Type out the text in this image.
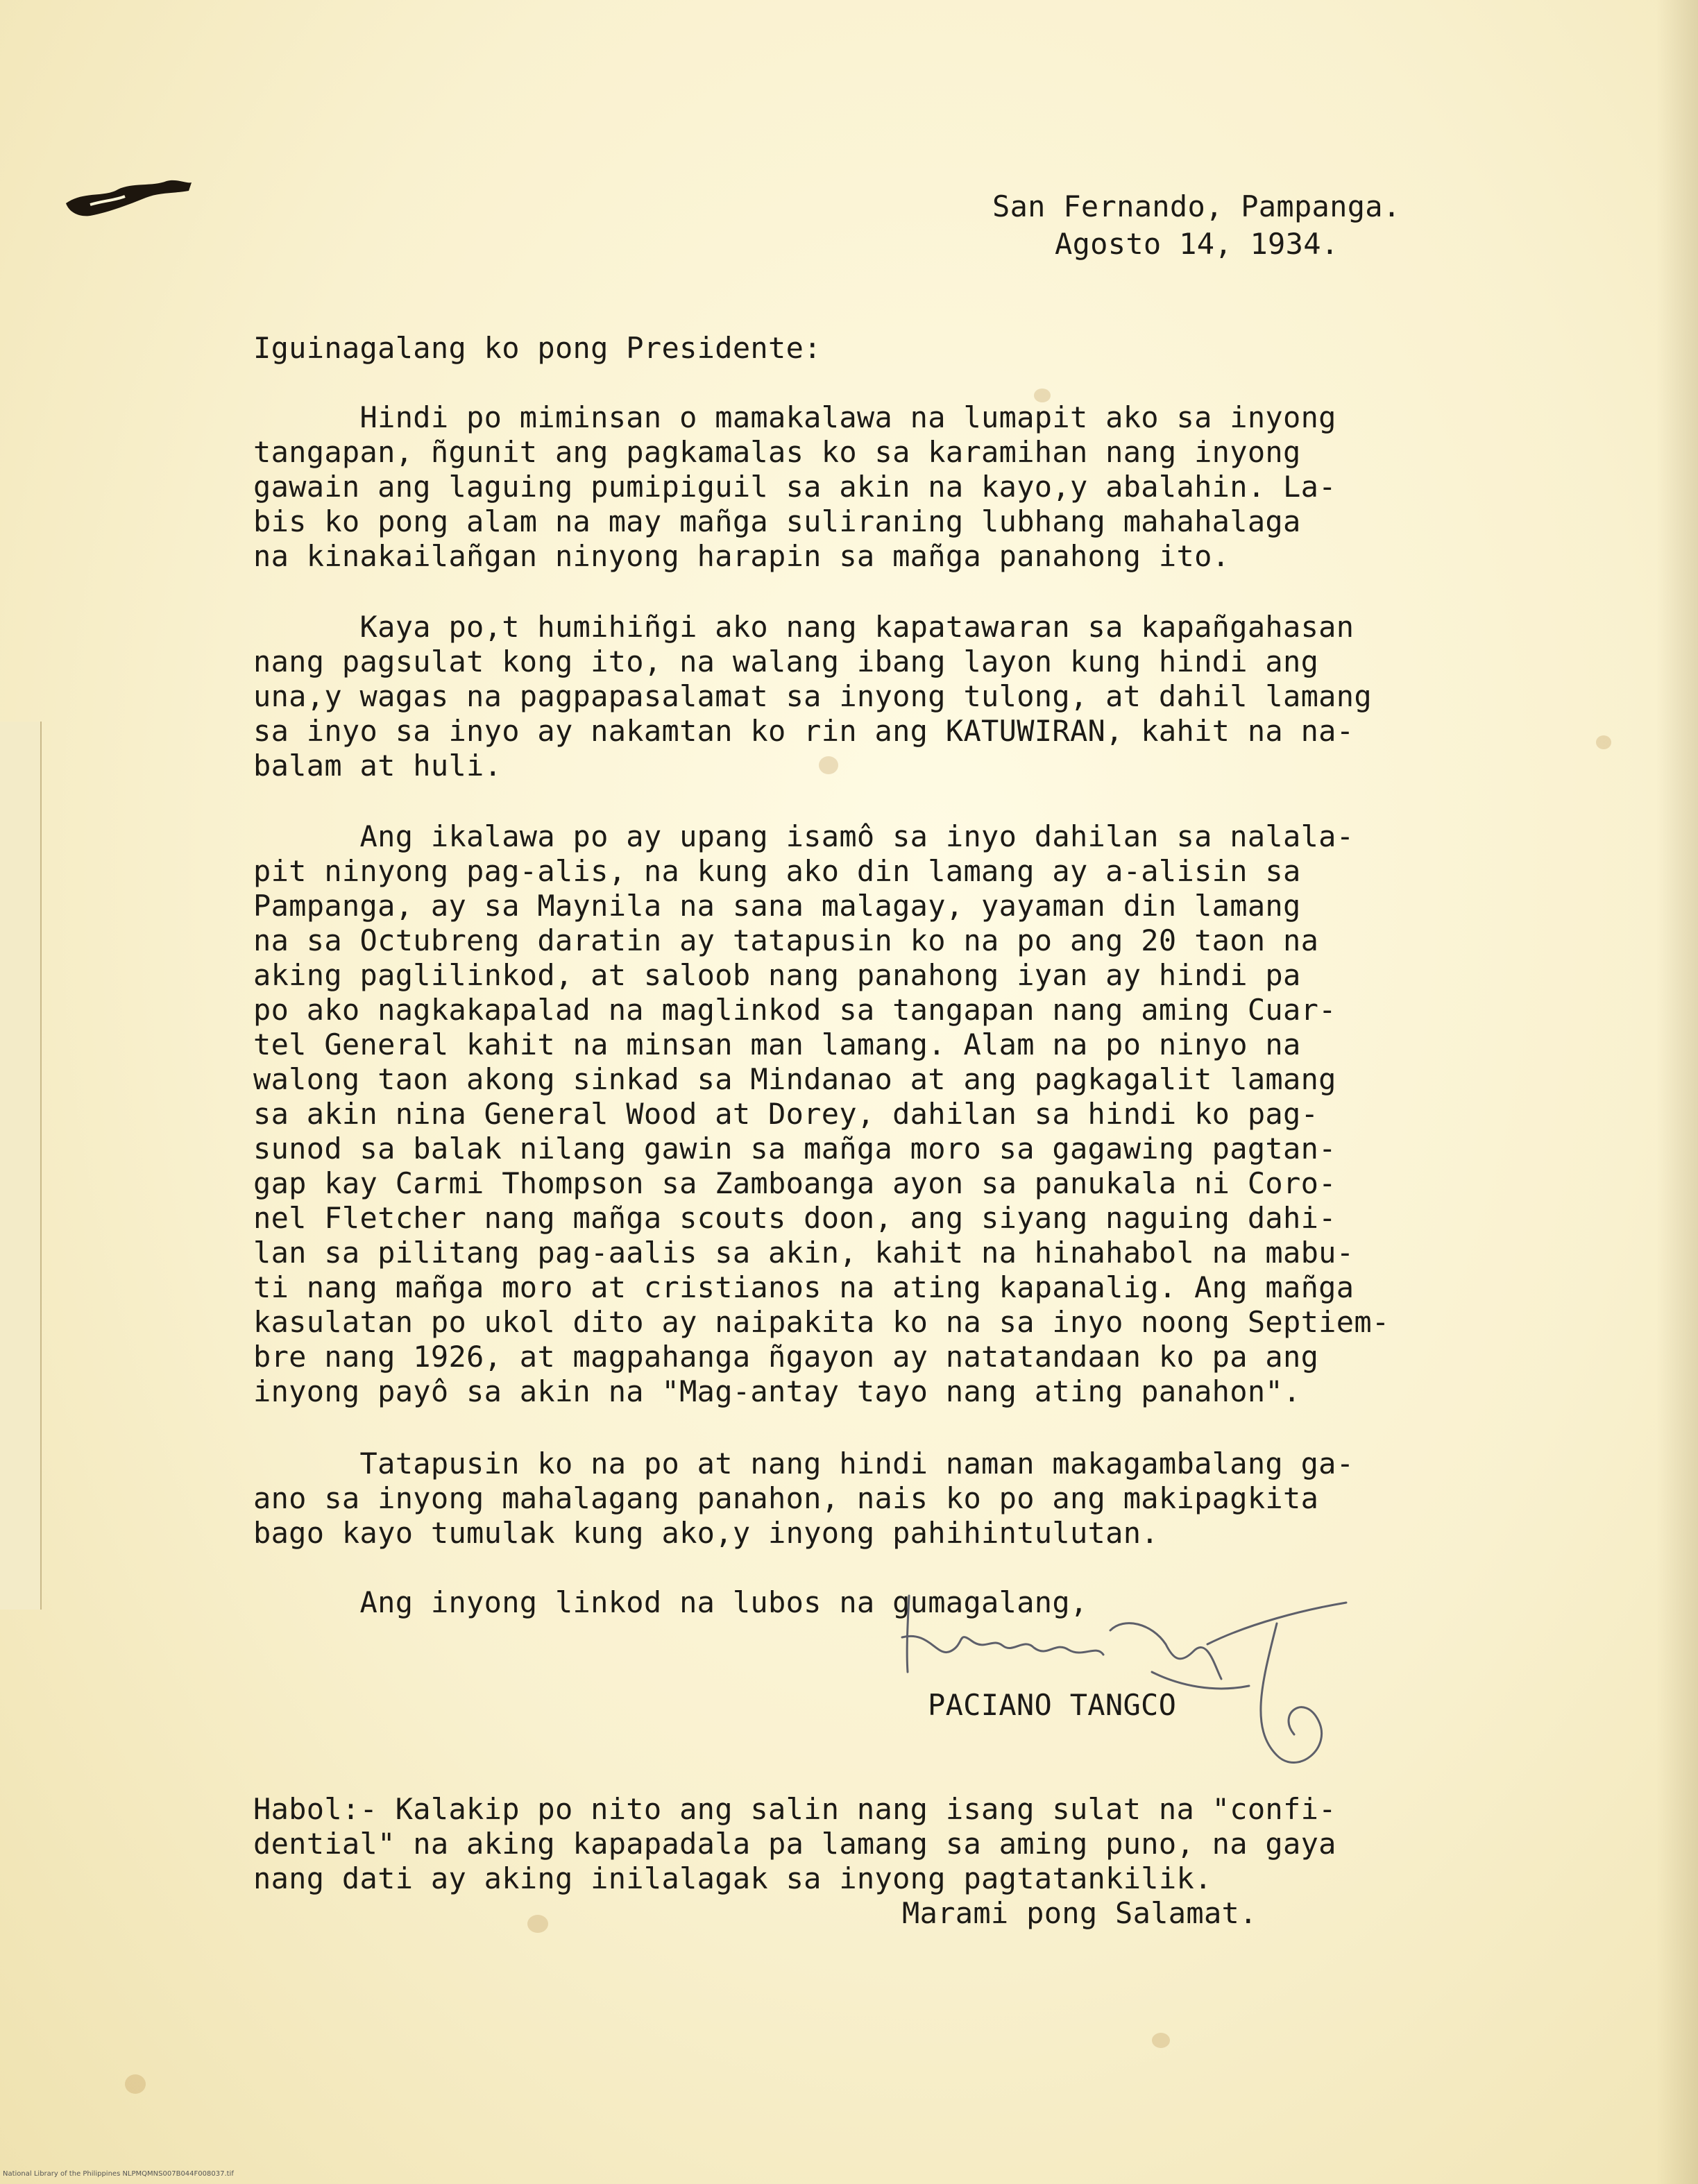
San Fernando, Pampanga.

Agosto 14, 1934.

Iguinagalang ko pong Presidente:

Hindi po miminsan o mamakalawa na lumapit ako sa inyong
tangapan, ñgunit ang pagkamalas ko sa karamihan nang inyong
gawain ang laguing pumipiguil sa akin na kayo,y abalahin. La-
bis ko pong alam na may mañga suliraning lubhang mahahalaga
na kinakailañgan ninyong harapin sa mañga panahong ito.

Kaya po,t humihiñgi ako nang kapatawaran sa kapañgahasan
nang pagsulat kong ito, na walang ibang layon kung hindi ang
una,y wagas na pagpapasalamat sa inyong tulong, at dahil lamang
sa inyo sa inyo ay nakamtan ko rin ang KATUWIRAN, kahit na na-
balam at huli.

Ang ikalawa po ay upang isamô sa inyo dahilan sa nalala-
pit ninyong pag-alis, na kung ako din lamang ay a-alisin sa
Pampanga, ay sa Maynila na sana malagay, yayaman din lamang
na sa Octubreng daratin ay tatapusin ko na po ang 20 taon na
aking paglilinkod, at saloob nang panahong iyan ay hindi pa
po ako nagkakapalad na maglinkod sa tangapan nang aming Cuar-
tel General kahit na minsan man lamang. Alam na po ninyo na
walong taon akong sinkad sa Mindanao at ang pagkagalit lamang
sa akin nina General Wood at Dorey, dahilan sa hindi ko pag-
sunod sa balak nilang gawin sa mañga moro sa gagawing pagtan-
gap kay Carmi Thompson sa Zamboanga ayon sa panukala ni Coro-
nel Fletcher nang mañga scouts doon, ang siyang naguing dahi-
lan sa pilitang pag-aalis sa akin, kahit na hinahabol na mabu-
ti nang mañga moro at cristianos na ating kapanalig. Ang mañga
kasulatan po ukol dito ay naipakita ko na sa inyo noong Septiem-
bre nang 1926, at magpahanga ñgayon ay natatandaan ko pa ang
inyong payô sa akin na "Mag-antay tayo nang ating panahon".

Tatapusin ko na po at nang hindi naman makagambalang ga-
ano sa inyong mahalagang panahon, nais ko po ang makipagkita
bago kayo tumulak kung ako,y inyong pahihintulutan.

Ang inyong linkod na lubos na gumagalang,

PACIANO TANGCO

Habol:- Kalakip po nito ang salin nang isang sulat na "confi-
dential" na aking kapapadala pa lamang sa aming puno, na gaya
nang dati ay aking inilalagak sa inyong pagtatankilik.

Marami pong Salamat.

National Library of the Philippines NLPMQMNS007B044F008037.tif
